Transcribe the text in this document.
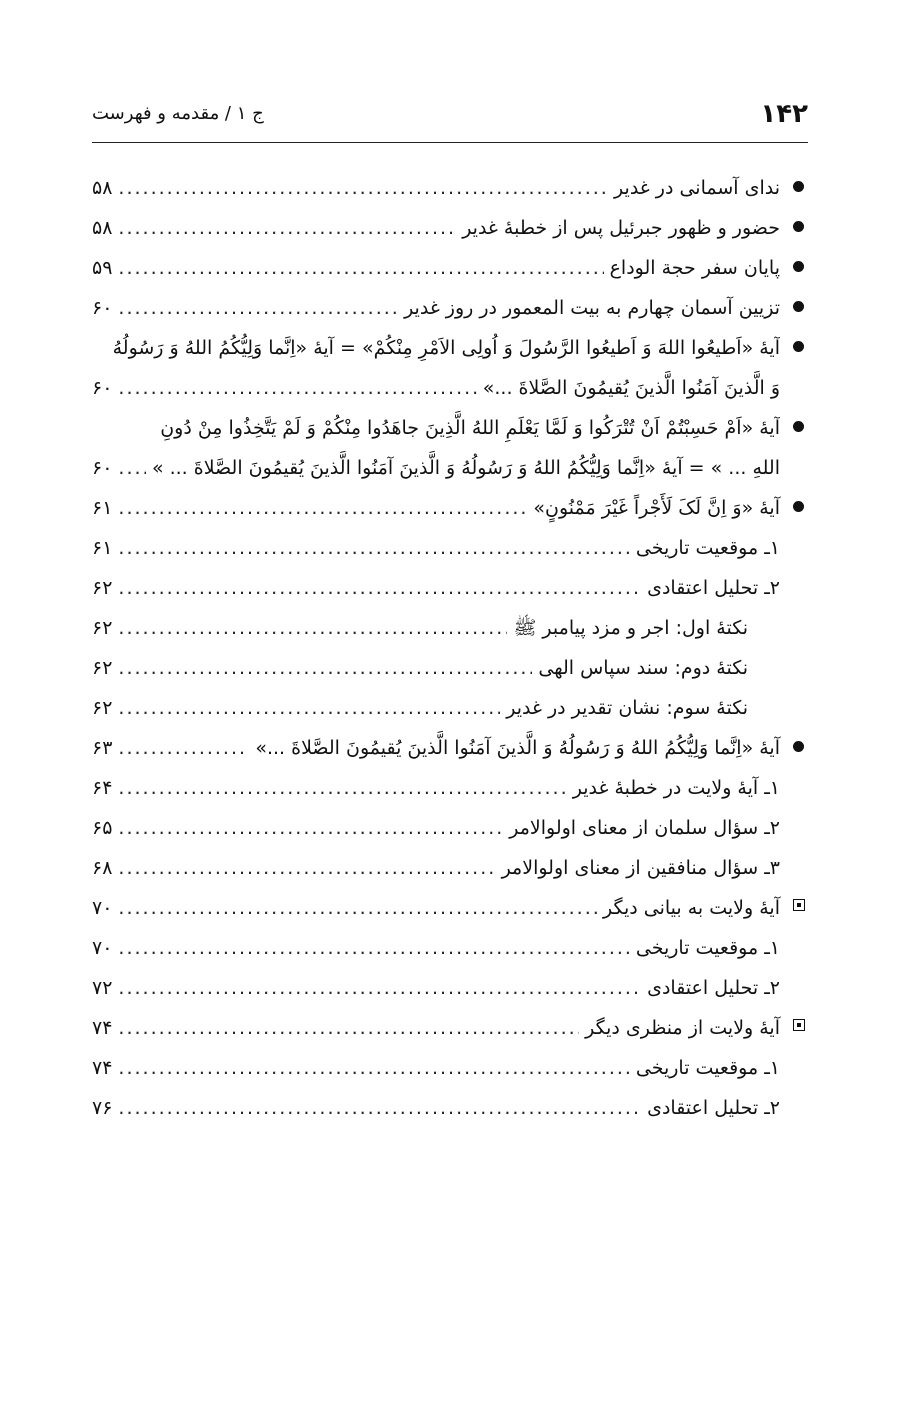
۱۴۲
ج ۱ / مقدمه و فهرست
ندای آسمانی در غدیر
.....
۵۸
حضور و ظهور جبرئیل پس از خطبۀ غدیر
.....
۵۸
پایان سفر حجة الوداع
.....
۵۹
تزیین آسمان چهارم به بیت المعمور در روز غدیر
.....
۶۰
آیۀ «اَطیعُوا اللهَ وَ اَطیعُوا الرَّسُولَ وَ اُولِی الاَمْرِ مِنْکُمْ» = آیۀ «اِنَّما وَلِیُّکُمُ اللهُ وَ رَسُولُهُ
وَ الَّذینَ آمَنُوا الَّذینَ یُقیمُونَ الصَّلاةَ ...»
.....
۶۰
آیۀ «اَمْ حَسِبْتُمْ اَنْ تُتْرَکُوا وَ لَمَّا یَعْلَمِ اللهُ الَّذِینَ جاهَدُوا مِنْکُمْ وَ لَمْ یَتَّخِذُوا مِنْ دُونِ
اللهِ ... » = آیۀ «اِنَّما وَلِیُّکُمُ اللهُ وَ رَسُولُهُ وَ الَّذینَ آمَنُوا الَّذینَ یُقیمُونَ الصَّلاةَ ... »
.....
۶۰
آیۀ «وَ اِنَّ لَکَ لَأَجْراً غَیْرَ مَمْنُونٍ»
.....
۶۱
۱ـ موقعیت تاریخی
.....
۶۱
۲ـ تحلیل اعتقادی
.....
۶۲
نکتۀ اول: اجر و مزد پیامبر ﷺ
.....
۶۲
نکتۀ دوم: سند سپاس الهی
.....
۶۲
نکتۀ سوم: نشان تقدیر در غدیر
.....
۶۲
آیۀ «اِنَّما وَلِیُّکُمُ اللهُ وَ رَسُولُهُ وَ الَّذینَ آمَنُوا الَّذینَ یُقیمُونَ الصَّلاةَ ...»
.....
۶۳
۱ـ آیۀ ولایت در خطبۀ غدیر
.....
۶۴
۲ـ سؤال سلمان از معنای اولوالامر
.....
۶۵
۳ـ سؤال منافقین از معنای اولوالامر
.....
۶۸
آیۀ ولایت به بیانی دیگر
.....
۷۰
۱ـ موقعیت تاریخی
.....
۷۰
۲ـ تحلیل اعتقادی
.....
۷۲
آیۀ ولایت از منظری دیگر
.....
۷۴
۱ـ موقعیت تاریخی
.....
۷۴
۲ـ تحلیل اعتقادی
.....
۷۶
